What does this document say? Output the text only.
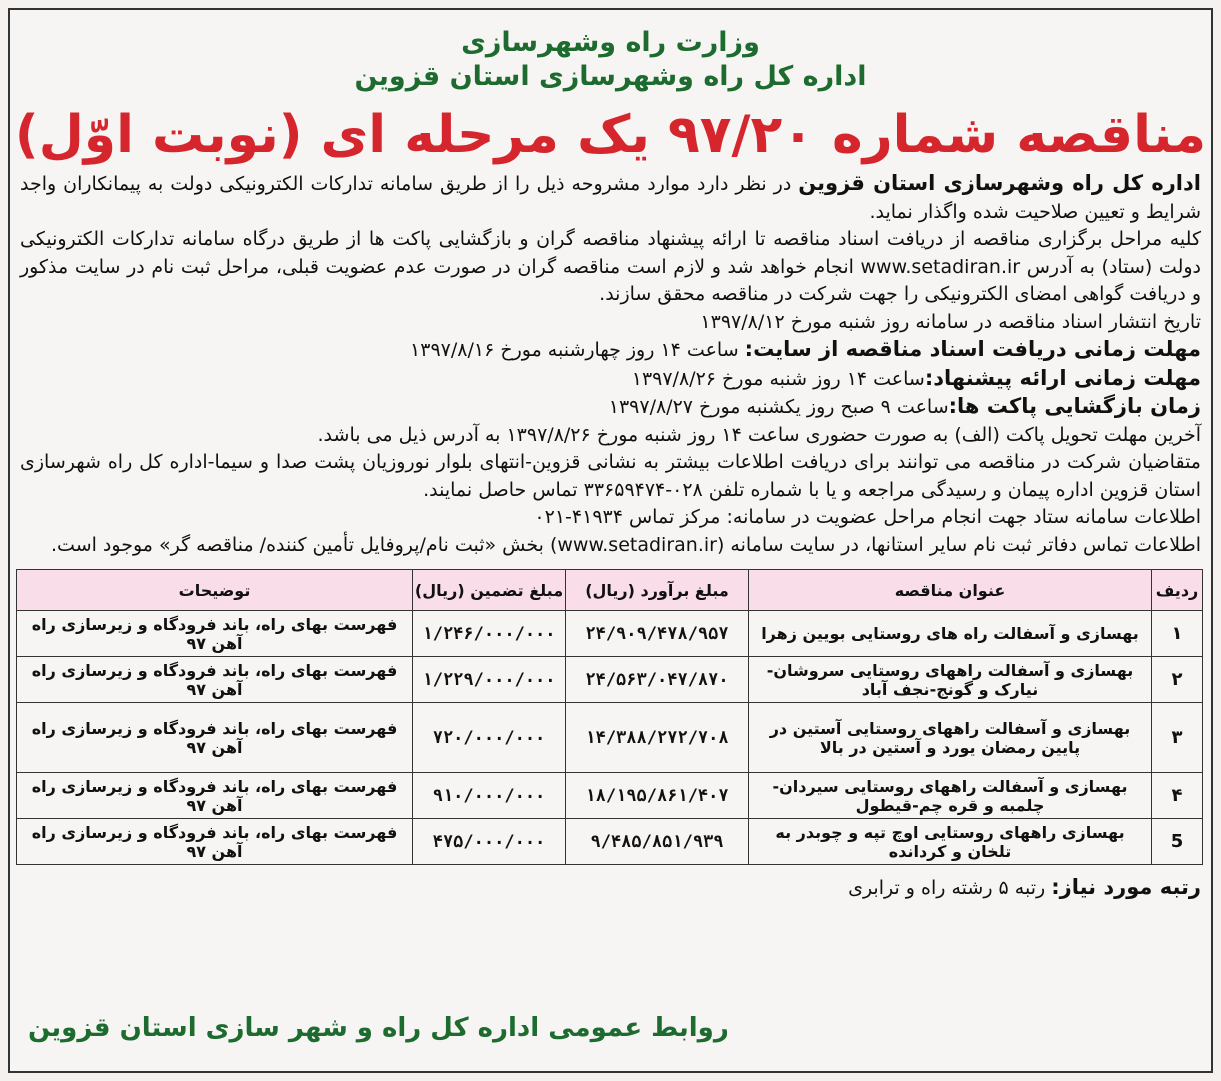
وزارت راه وشهرسازی
اداره کل راه وشهرسازی استان قزوین
مناقصه شماره ۹۷/۲۰ یک مرحله ای (نوبت اوّل)

اداره کل راه وشهرسازی استان قزوین در نظر دارد موارد مشروحه ذیل را از طریق سامانه تدارکات الکترونیکی دولت به پیمانکاران واجد شرایط و تعیین صلاحیت شده واگذار نماید.

کلیه مراحل برگزاری مناقصه از دریافت اسناد مناقصه تا ارائه پیشنهاد مناقصه گران و بازگشایی پاکت ها از طریق درگاه سامانه تدارکات الکترونیکی دولت (ستاد) به آدرس www.setadiran.ir انجام خواهد شد و لازم است مناقصه گران در صورت عدم عضویت قبلی، مراحل ثبت نام در سایت مذکور و دریافت گواهی امضای الکترونیکی را جهت شرکت در مناقصه محقق سازند.

تاریخ انتشار اسناد مناقصه در سامانه روز شنبه مورخ ۱۳۹۷/۸/۱۲

مهلت زمانی دریافت اسناد مناقصه از سایت: ساعت ۱۴ روز چهارشنبه مورخ ۱۳۹۷/۸/۱۶

مهلت زمانی ارائه پیشنهاد:ساعت ۱۴ روز شنبه مورخ ۱۳۹۷/۸/۲۶

زمان بازگشایی پاکت ها:ساعت ۹ صبح روز یکشنبه مورخ ۱۳۹۷/۸/۲۷

آخرین مهلت تحویل پاکت (الف) به صورت حضوری ساعت ۱۴ روز شنبه مورخ ۱۳۹۷/۸/۲۶ به آدرس ذیل می باشد.

متقاضیان شرکت در مناقصه می توانند برای دریافت اطلاعات بیشتر به نشانی قزوین-انتهای بلوار نوروزیان پشت صدا و سیما-اداره کل راه شهرسازی استان قزوین اداره پیمان و رسیدگی مراجعه و یا با شماره تلفن ۰۲۸-۳۳۶۵۹۴۷۴ تماس حاصل نمایند.

اطلاعات سامانه ستاد جهت انجام مراحل عضویت در سامانه: مرکز تماس ۴۱۹۳۴-۰۲۱

اطلاعات تماس دفاتر ثبت نام سایر استانها، در سایت سامانه (www.setadiran.ir) بخش «ثبت نام/پروفایل تأمین کننده/ مناقصه گر» موجود است.

ردیف	عنوان مناقصه	مبلغ برآورد (ریال)	مبلغ تضمین (ریال)	توضیحات
۱	بهسازی و آسفالت راه های روستایی بویین زهرا	۲۴/۹۰۹/۴۷۸/۹۵۷	۱/۲۴۶/۰۰۰/۰۰۰	فهرست بهای راه، باند فرودگاه و زیرسازی راه آهن ۹۷
۲	بهسازی و آسفالت راههای روستایی سروشان-نیارک و گونج-نجف آباد	۲۴/۵۶۳/۰۴۷/۸۷۰	۱/۲۲۹/۰۰۰/۰۰۰	فهرست بهای راه، باند فرودگاه و زیرسازی راه آهن ۹۷
۳	بهسازی و آسفالت راههای روستایی آستین در پایین رمضان یورد و آستین در بالا	۱۴/۳۸۸/۲۷۲/۷۰۸	۷۲۰/۰۰۰/۰۰۰	فهرست بهای راه، باند فرودگاه و زیرسازی راه آهن ۹۷
۴	بهسازی و آسفالت راههای روستایی سیردان-چلمبه و قره چم-قیطول	۱۸/۱۹۵/۸۶۱/۴۰۷	۹۱۰/۰۰۰/۰۰۰	فهرست بهای راه، باند فرودگاه و زیرسازی راه آهن ۹۷
5	بهسازی راههای روستایی اوچ تپه و چوبدر به تلخان و کردانده	۹/۴۸۵/۸۵۱/۹۳۹	۴۷۵/۰۰۰/۰۰۰	فهرست بهای راه، باند فرودگاه و زیرسازی راه آهن ۹۷
رتبه مورد نیاز: رتبه ۵ رشته راه و ترابری
روابط عمومی اداره کل راه و شهر سازی استان قزوین
